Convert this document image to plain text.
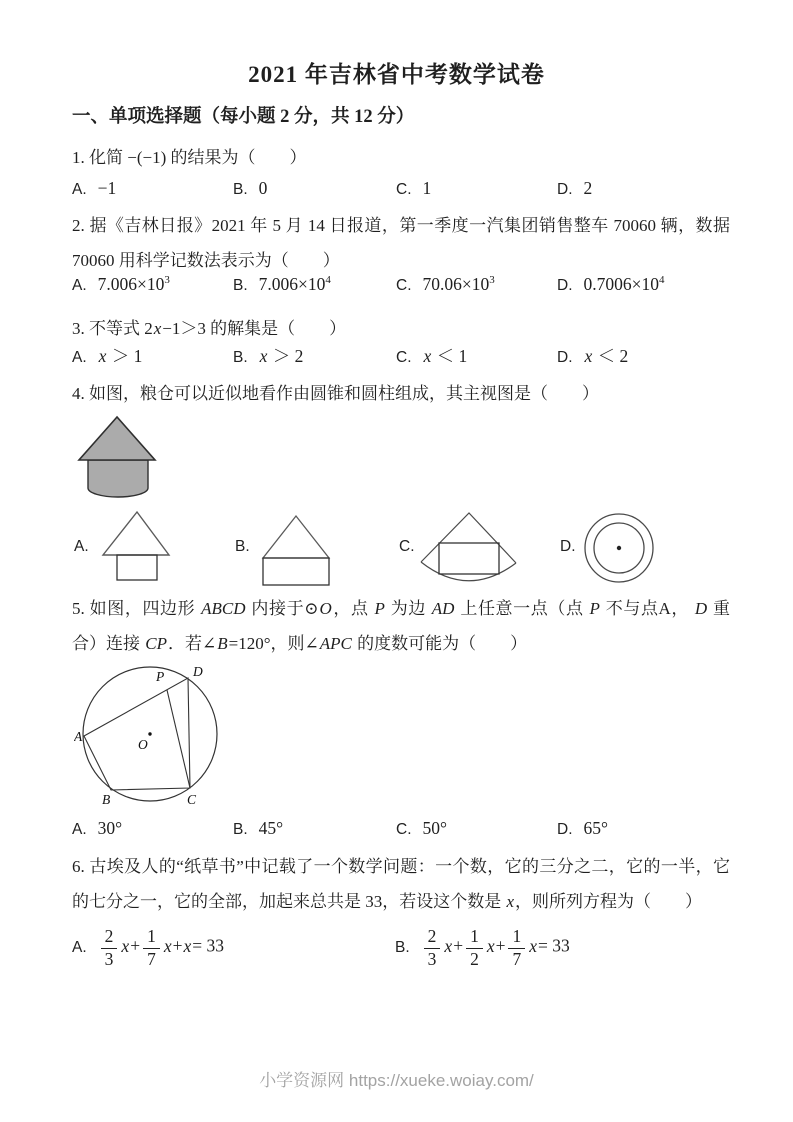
2021 年吉林省中考数学试卷
一、单项选择题（每小题 2 分，共 12 分）
1. 化简 −(−1) 的结果为（　　）
A. −1	B. 0	C. 1	D. 2
2. 据《吉林日报》2021 年 5 月 14 日报道，第一季度一汽集团销售整车 70060 辆，数据 70060 用科学记数法表示为（　　）
A. $7.006\times 10^3$	B. $7.006\times 10^4$	C. $70.06\times 10^3$	D. $0.7006\times 10^4$
3. 不等式 2x−1＞3 的解集是（　　）
A. x ＞ 1	B. x ＞ 2	C. x ＜ 1	D. x ＜ 2
4. 如图，粮仓可以近似地看作由圆锥和圆柱组成，其主视图是（　　）
A.	B.	C.	D.
5. 如图，四边形 ABCD 内接于⊙O，点 P 为边 AD 上任意一点（点 P 不与点A， D 重合）连接 CP．若∠B=120°，则∠APC 的度数可能为（　　）
A
B	C
D
P
O
A. 30°	B. 45°	C. 50°	D. 65°
6. 古埃及人的“纸草书”中记载了一个数学问题：一个数，它的三分之二，它的一半，它的七分之一，它的全部，加起来总共是 33，若设这个数是 x，则所列方程为（　　）
A. $\frac{2}{3} x+ \frac{1}{7} x+x= 33$	B. $\frac{2}{3} x+ \frac{1}{2} x+ \frac{1}{7} x= 33$
小学资源网 https://xueke.woiay.com/
